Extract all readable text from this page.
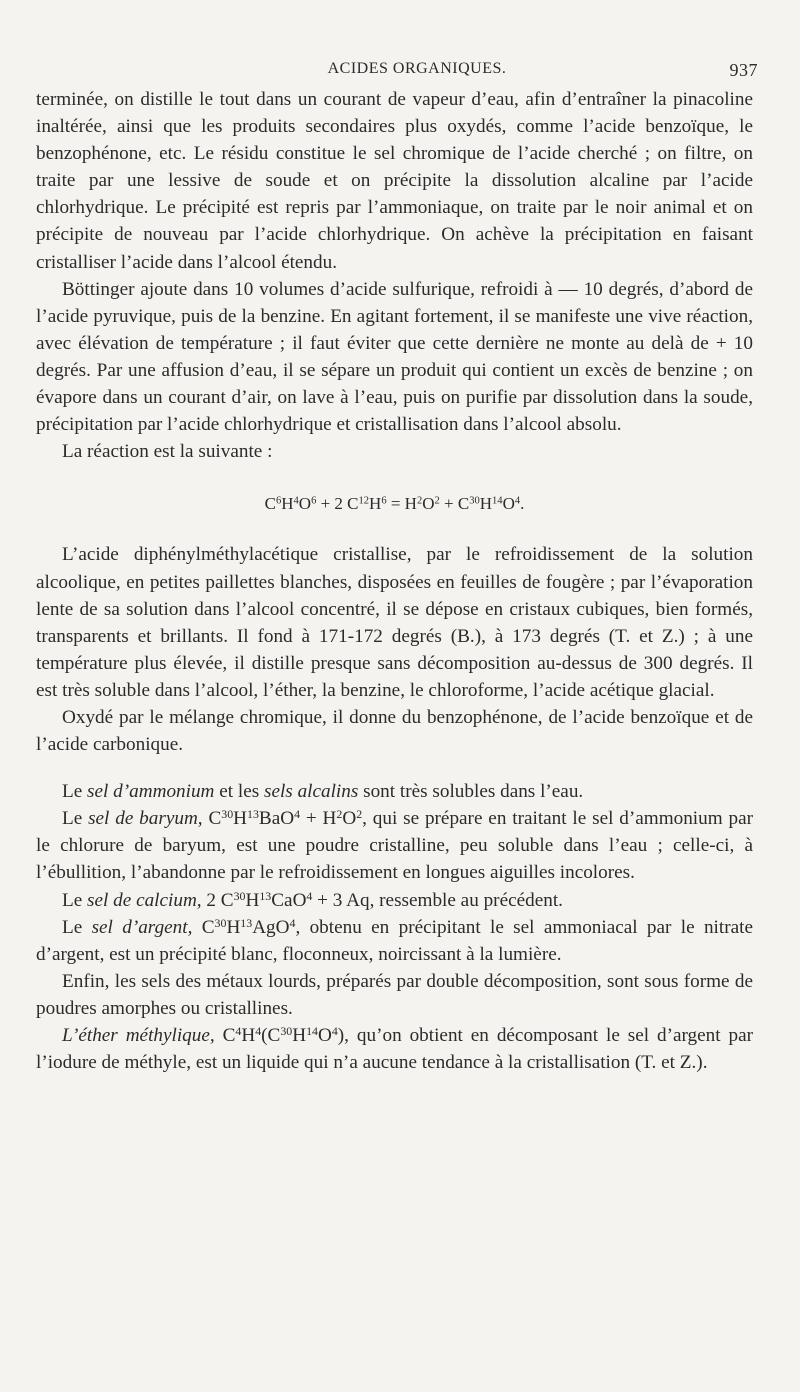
ACIDES ORGANIQUES.	937

terminée, on distille le tout dans un courant de vapeur d’eau, afin d’entraîner la pinacoline inaltérée, ainsi que les produits secondaires plus oxydés, comme l’acide benzoïque, le benzophénone, etc. Le résidu constitue le sel chromique de l’acide cherché ; on filtre, on traite par une lessive de soude et on précipite la dissolution alcaline par l’acide chlorhydrique. Le précipité est repris par l’ammoniaque, on traite par le noir animal et on précipite de nouveau par l’acide chlorhydrique. On achève la précipitation en faisant cristalliser l’acide dans l’alcool étendu.

Böttinger ajoute dans 10 volumes d’acide sulfurique, refroidi à — 10 degrés, d’abord de l’acide pyruvique, puis de la benzine. En agitant fortement, il se manifeste une vive réaction, avec élévation de température ; il faut éviter que cette dernière ne monte au delà de + 10 degrés. Par une affusion d’eau, il se sépare un produit qui contient un excès de benzine ; on évapore dans un courant d’air, on lave à l’eau, puis on purifie par dissolution dans la soude, précipitation par l’acide chlorhydrique et cristallisation dans l’alcool absolu.

La réaction est la suivante :

$C^6H^4O^6 + 2$ $C^{12}H^6 = H^2O^2 + C^{30}H^{14}O^4$.

L’acide diphénylméthylacétique cristallise, par le refroidissement de la solution alcoolique, en petites paillettes blanches, disposées en feuilles de fougère ; par l’évaporation lente de sa solution dans l’alcool concentré, il se dépose en cristaux cubiques, bien formés, transparents et brillants. Il fond à 171-172 degrés (B.), à 173 degrés (T. et Z.) ; à une température plus élevée, il distille presque sans décomposition au-dessus de 300 degrés. Il est très soluble dans l’alcool, l’éther, la benzine, le chloroforme, l’acide acétique glacial.

Oxydé par le mélange chromique, il donne du benzophénone, de l’acide benzoïque et de l’acide carbonique.

Le sel d’ammonium et les sels alcalins sont très solubles dans l’eau.

Le sel de baryum, $C^{30}H^{13}BaO^4 + H^2O^2$, qui se prépare en traitant le sel d’ammonium par le chlorure de baryum, est une poudre cristalline, peu soluble dans l’eau ; celle-ci, à l’ébullition, l’abandonne par le refroidissement en longues aiguilles incolores.

Le sel de calcium, 2 $C^{30}H^{13}CaO^4 + 3$ Aq, ressemble au précédent.

Le sel d’argent, $C^{30}H^{13}AgO^4$, obtenu en précipitant le sel ammoniacal par le nitrate d’argent, est un précipité blanc, floconneux, noircissant à la lumière.

Enfin, les sels des métaux lourds, préparés par double décomposition, sont sous forme de poudres amorphes ou cristallines.

L’éther méthylique, $C^4H^4(C^{30}H^{14}O^4)$, qu’on obtient en décomposant le sel d’argent par l’iodure de méthyle, est un liquide qui n’a aucune tendance à la cristallisation (T. et Z.).
